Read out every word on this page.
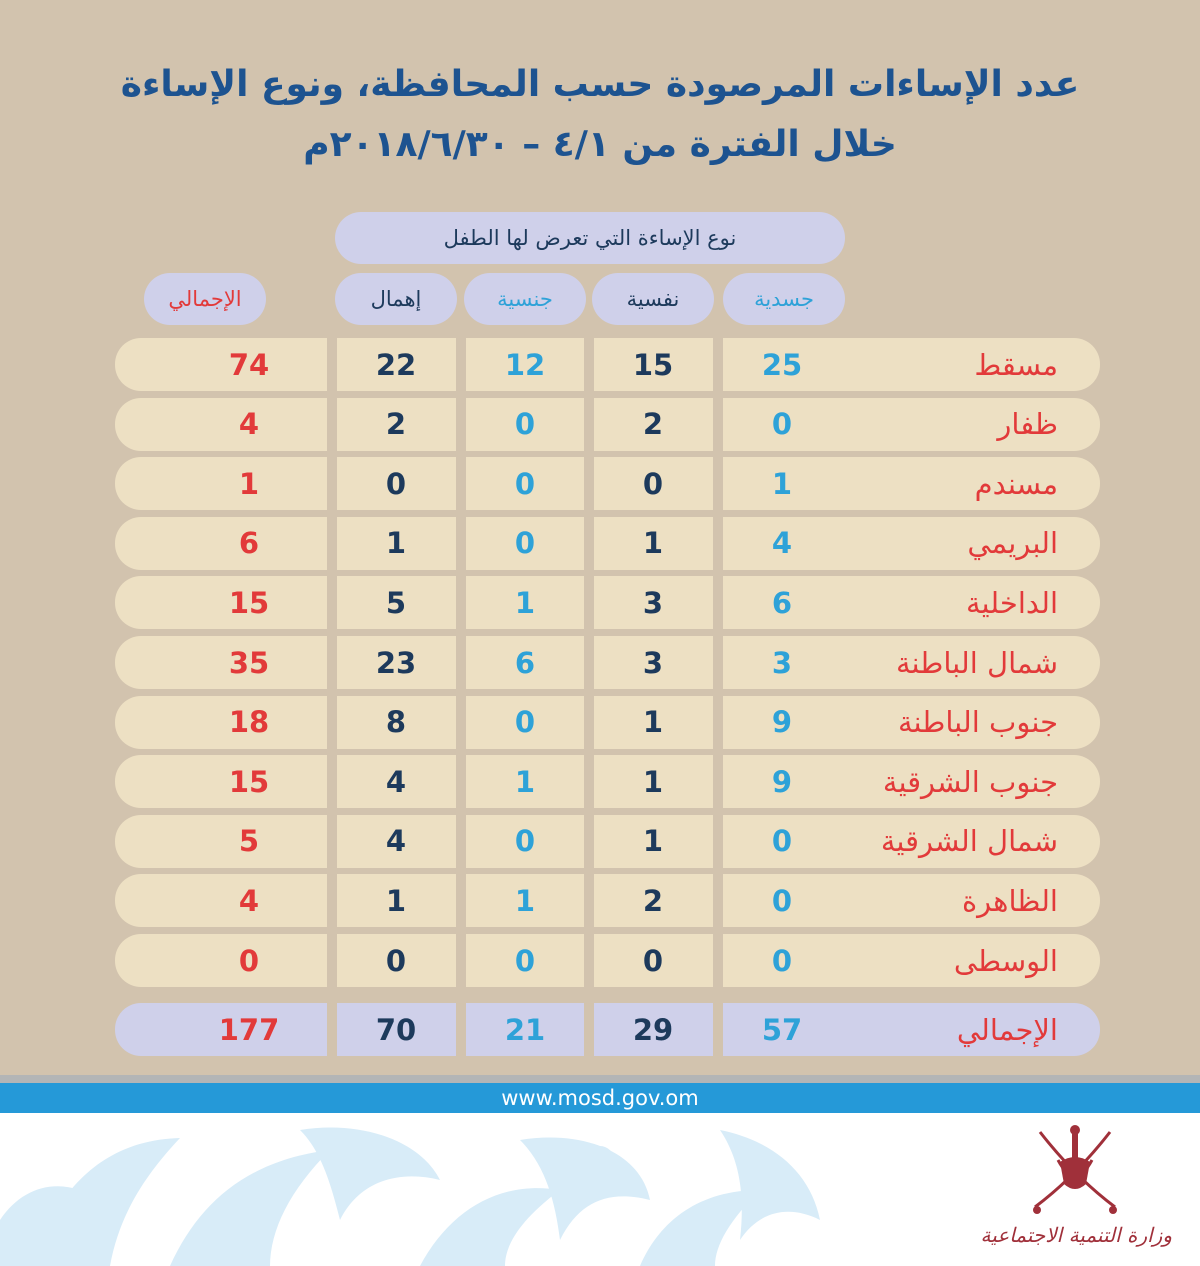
عدد الإساءات المرصودة حسب المحافظة، ونوع الإساءة
خلال الفترة من ٤/١ – ٢٠١٨/٦/٣٠م
نوع الإساءة التي تعرض لها الطفل
جسدية
نفسية
جنسية
إهمال
الإجمالي
مسقط
25
15
12
22
74
ظفار
0
2
0
2
4
مسندم
1
0
0
0
1
البريمي
4
1
0
1
6
الداخلية
6
3
1
5
15
شمال الباطنة
3
3
6
23
35
جنوب الباطنة
9
1
0
8
18
جنوب الشرقية
9
1
1
4
15
شمال الشرقية
0
1
0
4
5
الظاهرة
0
2
1
1
4
الوسطى
0
0
0
0
0
الإجمالي
57
29
21
70
177
www.mosd.gov.om
وزارة التنمية الاجتماعية
